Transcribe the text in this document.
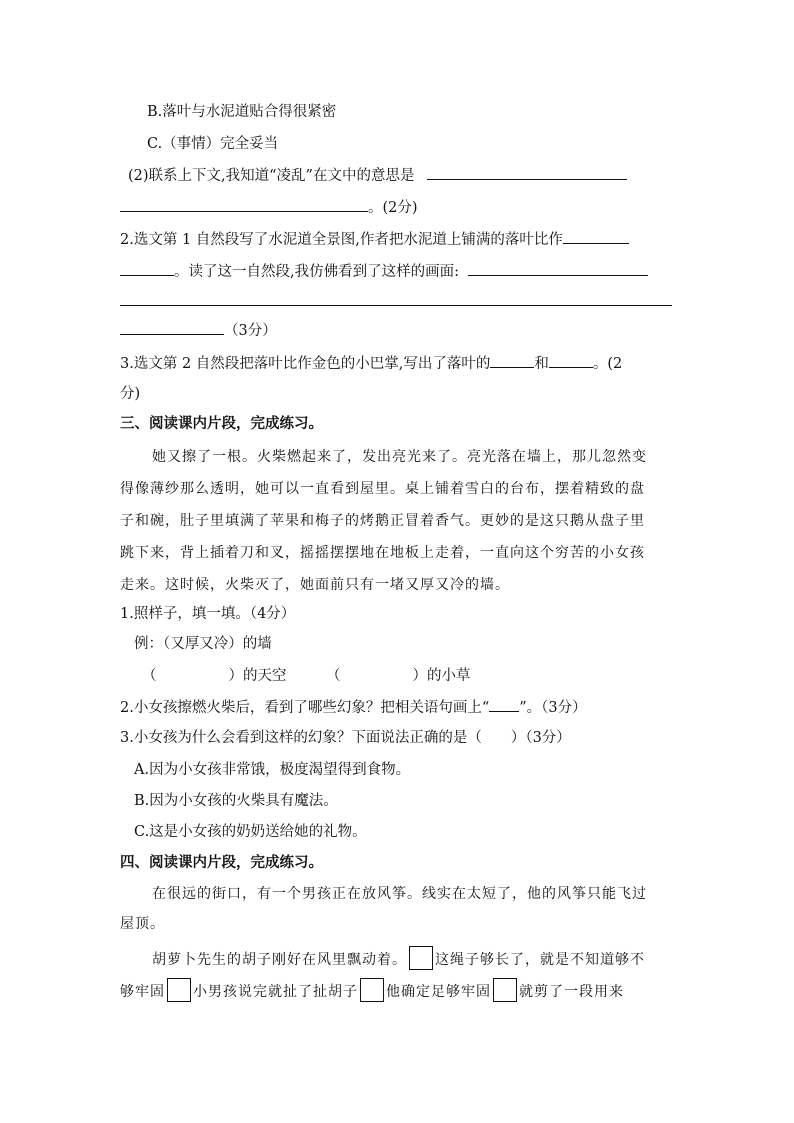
B.落叶与水泥道贴合得很紧密
C.（事情）完全妥当
(2)联系上下文,我知道“凌乱”在文中的意思是
。(2分)
2.选文第 1 自然段写了水泥道全景图,作者把水泥道上铺满的落叶比作
。读了这一自然段,我仿佛看到了这样的画面:
（3分）
3.选文第 2 自然段把落叶比作金色的小巴掌,写出了落叶的	和	。(2
分)
三、阅读课内片段，完成练习。
她又擦了一根。火柴燃起来了，发出亮光来了。亮光落在墙上，那儿忽然变
得像薄纱那么透明，她可以一直看到屋里。桌上铺着雪白的台布，摆着精致的盘
子和碗，肚子里填满了苹果和梅子的烤鹅正冒着香气。更妙的是这只鹅从盘子里
跳下来，背上插着刀和叉，摇摇摆摆地在地板上走着，一直向这个穷苦的小女孩
走来。这时候，火柴灭了，她面前只有一堵又厚又冷的墙。
1.照样子，填一填。（4分）
例：（又厚又冷）的墙
（	）的天空	（	）的小草
2.小女孩擦燃火柴后，看到了哪些幻象？把相关语句画上“ ”。（3分）
3.小女孩为什么会看到这样的幻象？下面说法正确的是（　　）（3分）
A.因为小女孩非常饿，极度渴望得到食物。
B.因为小女孩的火柴具有魔法。
C.这是小女孩的奶奶送给她的礼物。
四、阅读课内片段，完成练习。
在很远的街口，有一个男孩正在放风筝。线实在太短了，他的风筝只能飞过
屋顶。
胡萝卜先生的胡子刚好在风里飘动着。 这绳子够长了，就是不知道够不
够牢固 小男孩说完就扯了扯胡子 他确定足够牢固 就剪了一段用来
